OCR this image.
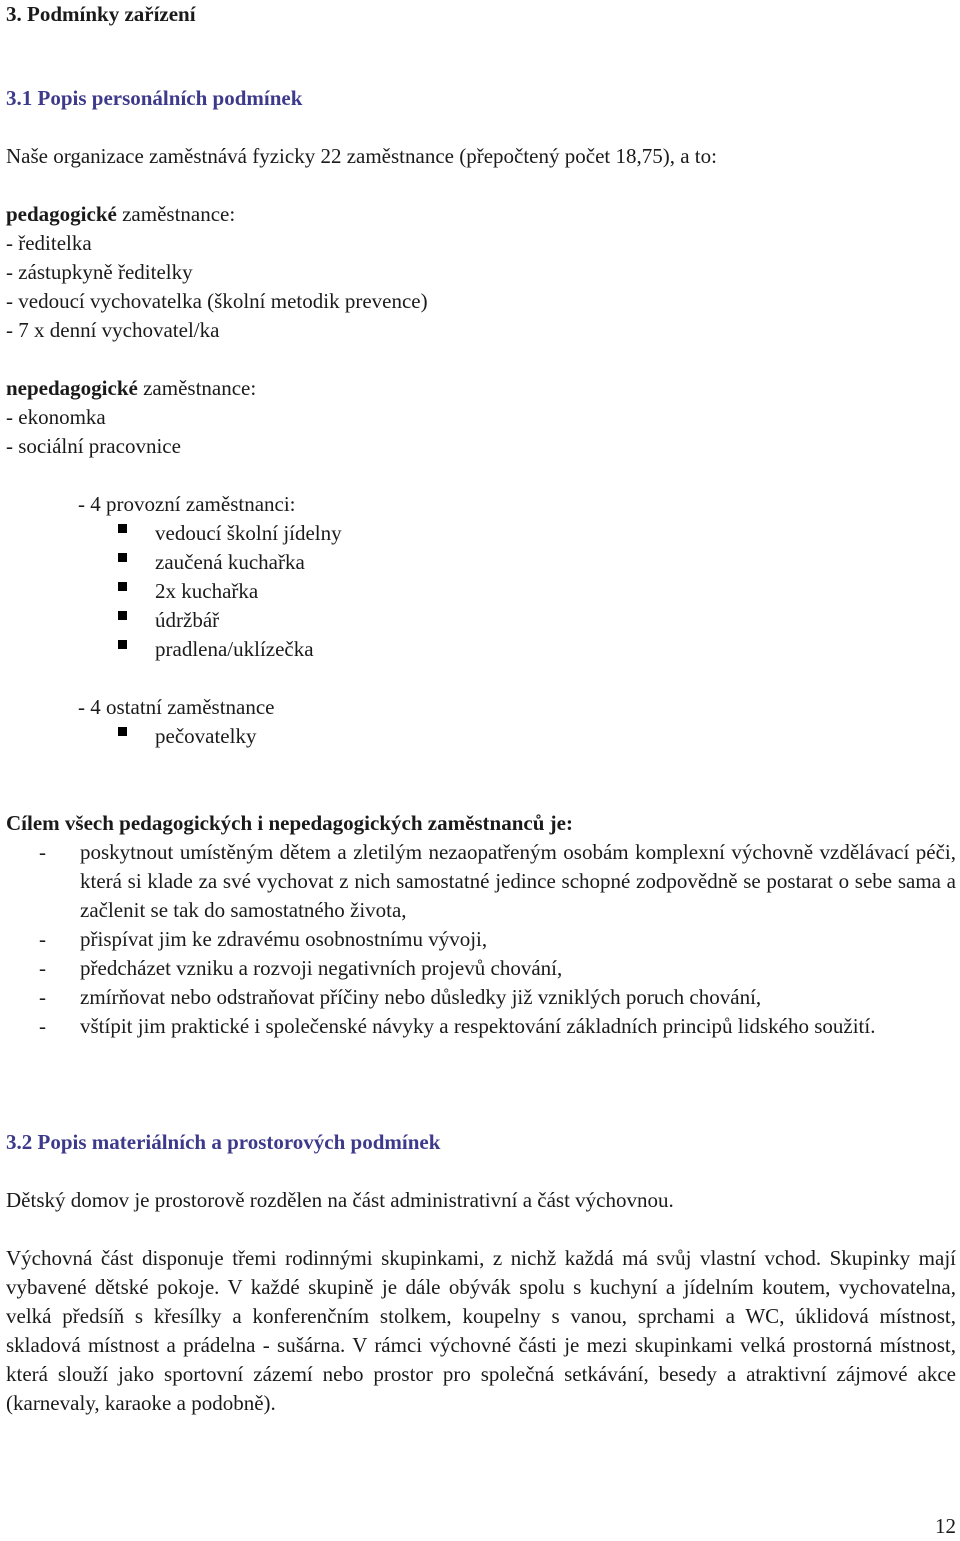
3. Podmínky zařízení
3.1 Popis personálních podmínek
Naše organizace zaměstnává fyzicky 22 zaměstnance (přepočtený počet 18,75), a to:
pedagogické zaměstnance:
- ředitelka
- zástupkyně ředitelky
- vedoucí vychovatelka (školní metodik prevence)
- 7 x denní vychovatel/ka
nepedagogické zaměstnance:
- ekonomka
- sociální pracovnice
- 4 provozní zaměstnanci:
vedoucí školní jídelny
zaučená kuchařka
2x kuchařka
údržbář
pradlena/uklízečka
- 4 ostatní zaměstnance
pečovatelky
Cílem všech pedagogických i nepedagogických zaměstnanců je:
- poskytnout umístěným dětem a zletilým nezaopatřeným osobám komplexní výchovně vzdělávací péči, která si klade za své vychovat z nich samostatné jedince schopné zodpovědně se postarat o sebe sama a začlenit se tak do samostatného života,
- přispívat jim ke zdravému osobnostnímu vývoji,
- předcházet vzniku a rozvoji negativních projevů chování,
- zmírňovat nebo odstraňovat příčiny nebo důsledky již vzniklých poruch chování,
- vštípit jim praktické i společenské návyky a respektování základních principů lidského soužití.
3.2 Popis materiálních a prostorových podmínek
Dětský domov je prostorově rozdělen na část administrativní a část výchovnou.
Výchovná část disponuje třemi rodinnými skupinkami, z nichž každá má svůj vlastní vchod. Skupinky mají vybavené dětské pokoje. V každé skupině je dále obývák spolu s kuchyní a jídelním koutem, vychovatelna, velká předsíň s křesílky a konferenčním stolkem, koupelny s vanou, sprchami a WC, úklidová místnost, skladová místnost a prádelna - sušárna. V rámci výchovné části je mezi skupinkami velká prostorná místnost, která slouží jako sportovní zázemí nebo prostor pro společná setkávání, besedy a atraktivní zájmové akce (karnevaly, karaoke a podobně).
12
